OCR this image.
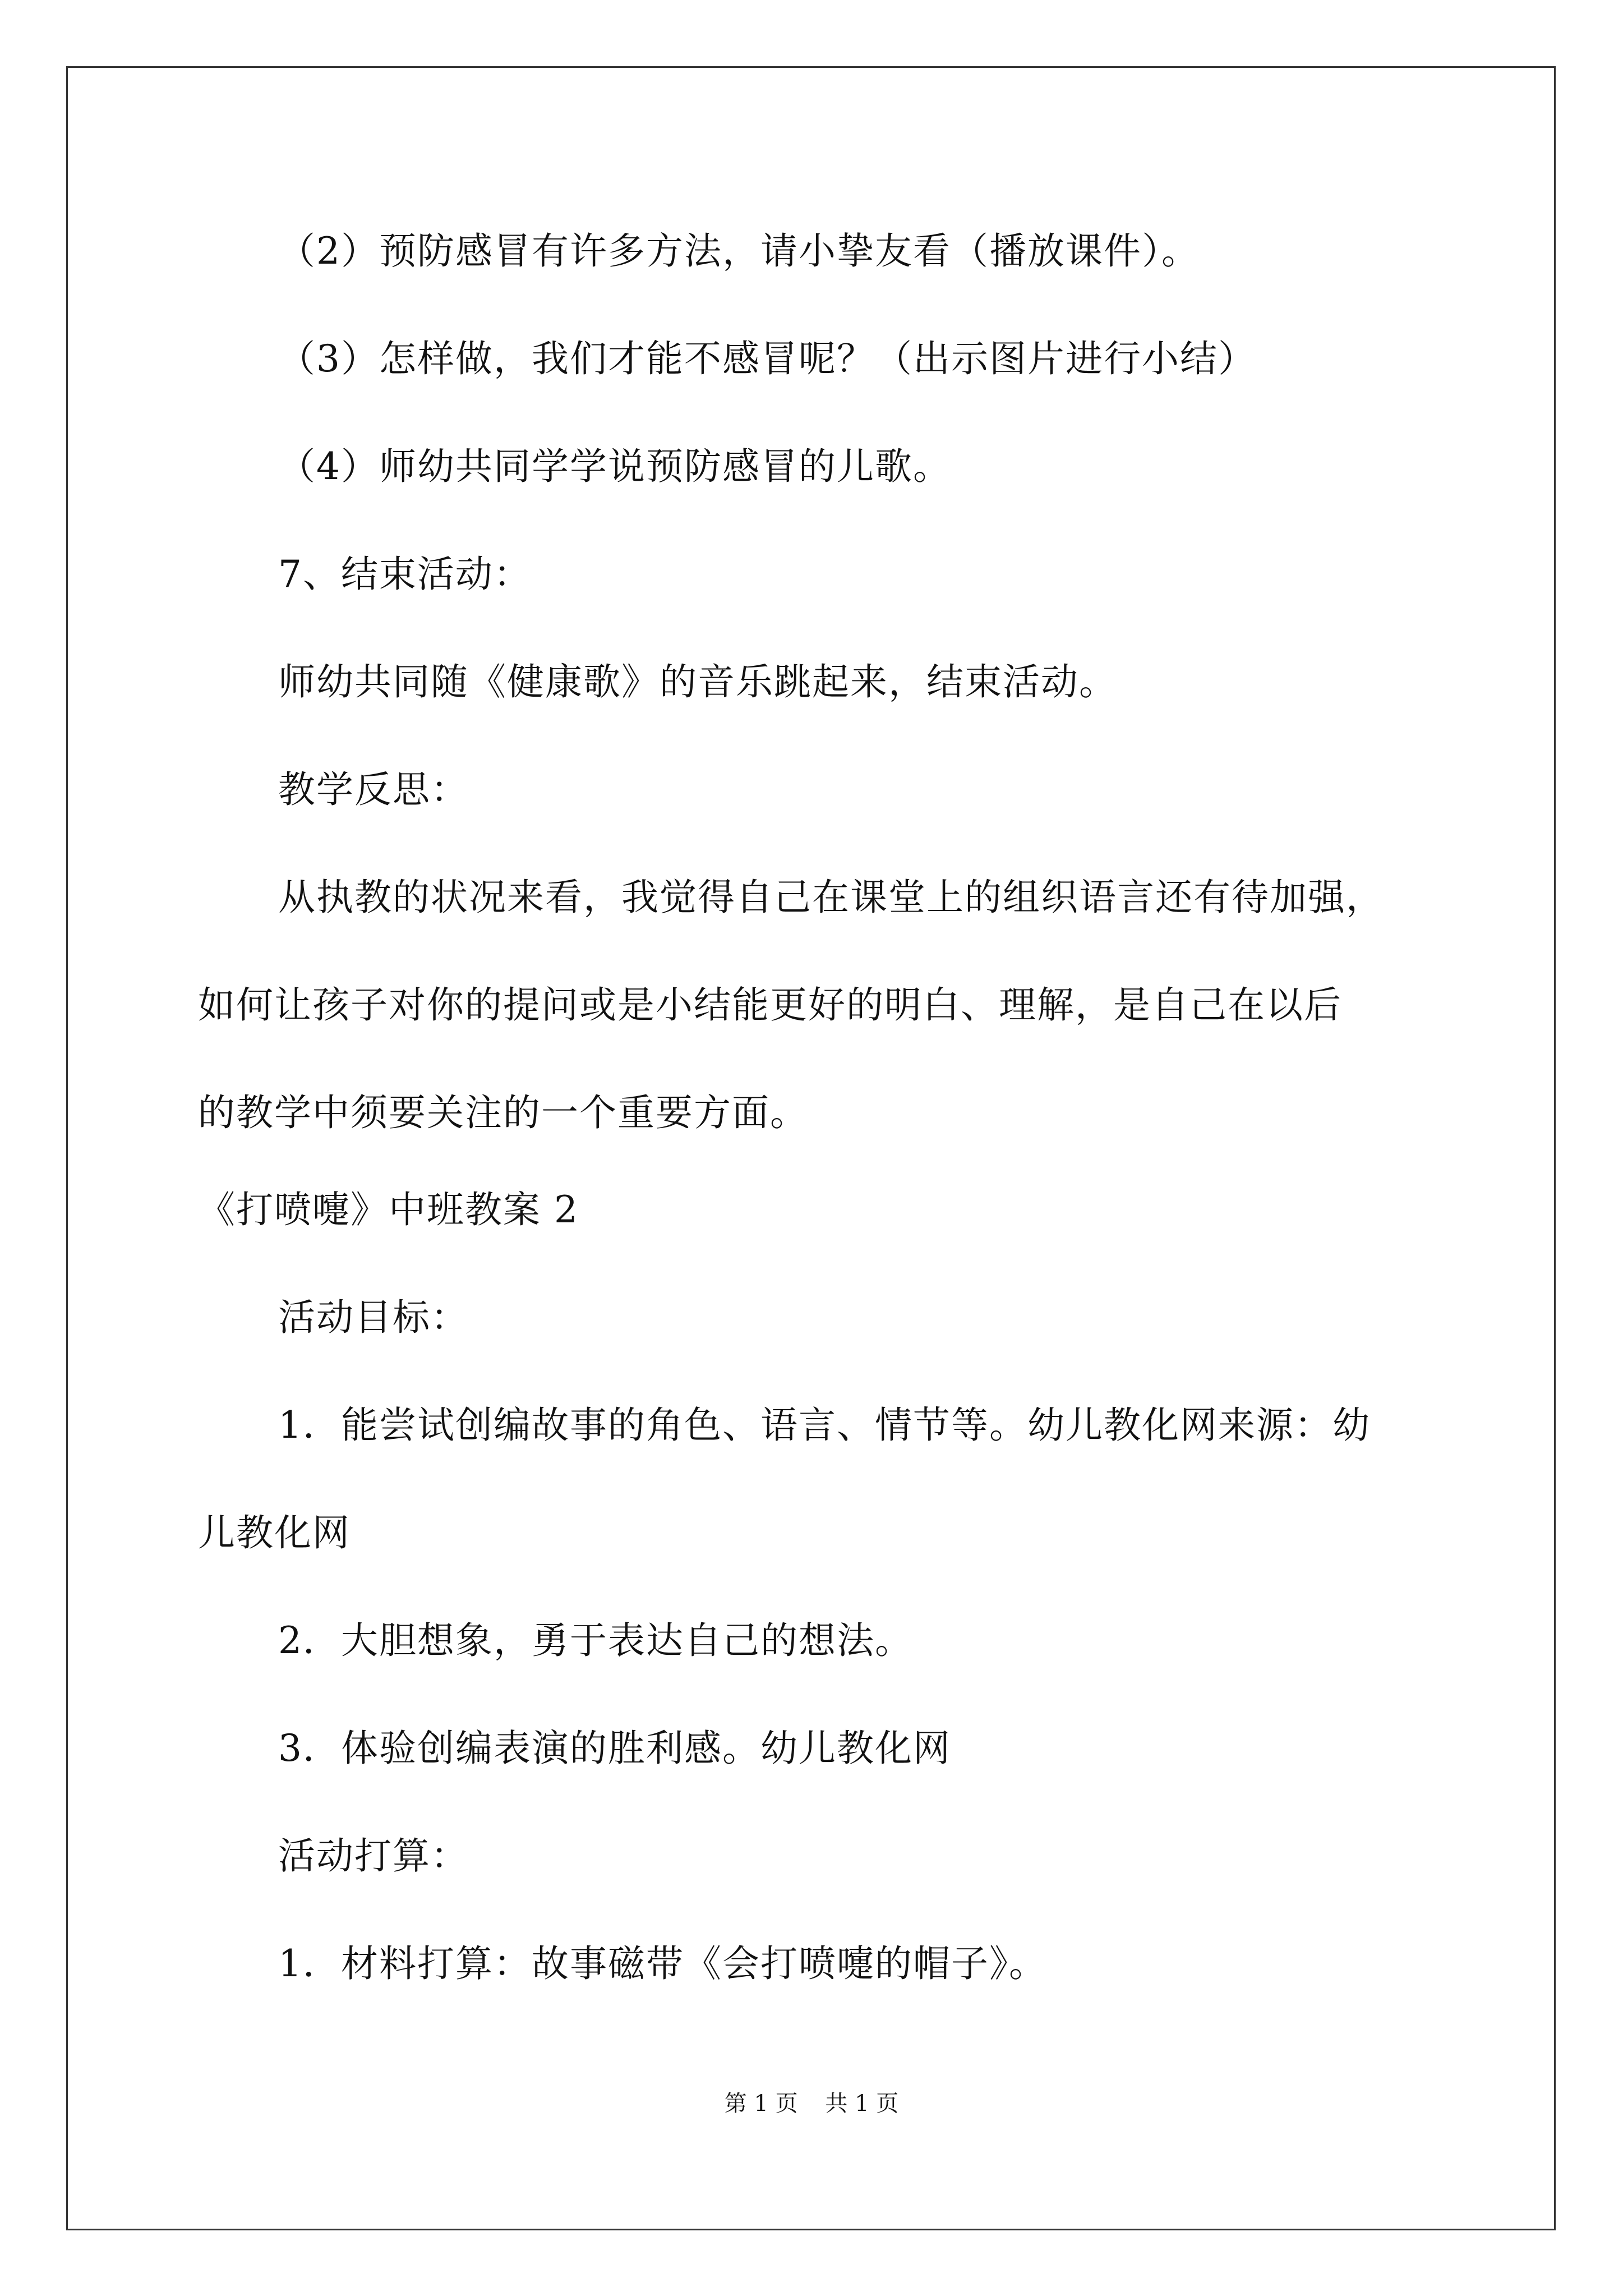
（2）预防感冒有许多方法，请小挚友看（播放课件）。
（3）怎样做，我们才能不感冒呢？（出示图片进行小结）
（4）师幼共同学学说预防感冒的儿歌。
7、结束活动：
师幼共同随《健康歌》的音乐跳起来，结束活动。
教学反思：
从执教的状况来看，我觉得自己在课堂上的组织语言还有待加强，
如何让孩子对你的提问或是小结能更好的明白、理解，是自己在以后
的教学中须要关注的一个重要方面。
《打喷嚏》中班教案 2
活动目标：
1．能尝试创编故事的角色、语言、情节等。幼儿教化网来源：幼
儿教化网
2．大胆想象，勇于表达自己的想法。
3．体验创编表演的胜利感。幼儿教化网
活动打算：
1．材料打算：故事磁带《会打喷嚏的帽子》。
第 1 页 共 1 页
